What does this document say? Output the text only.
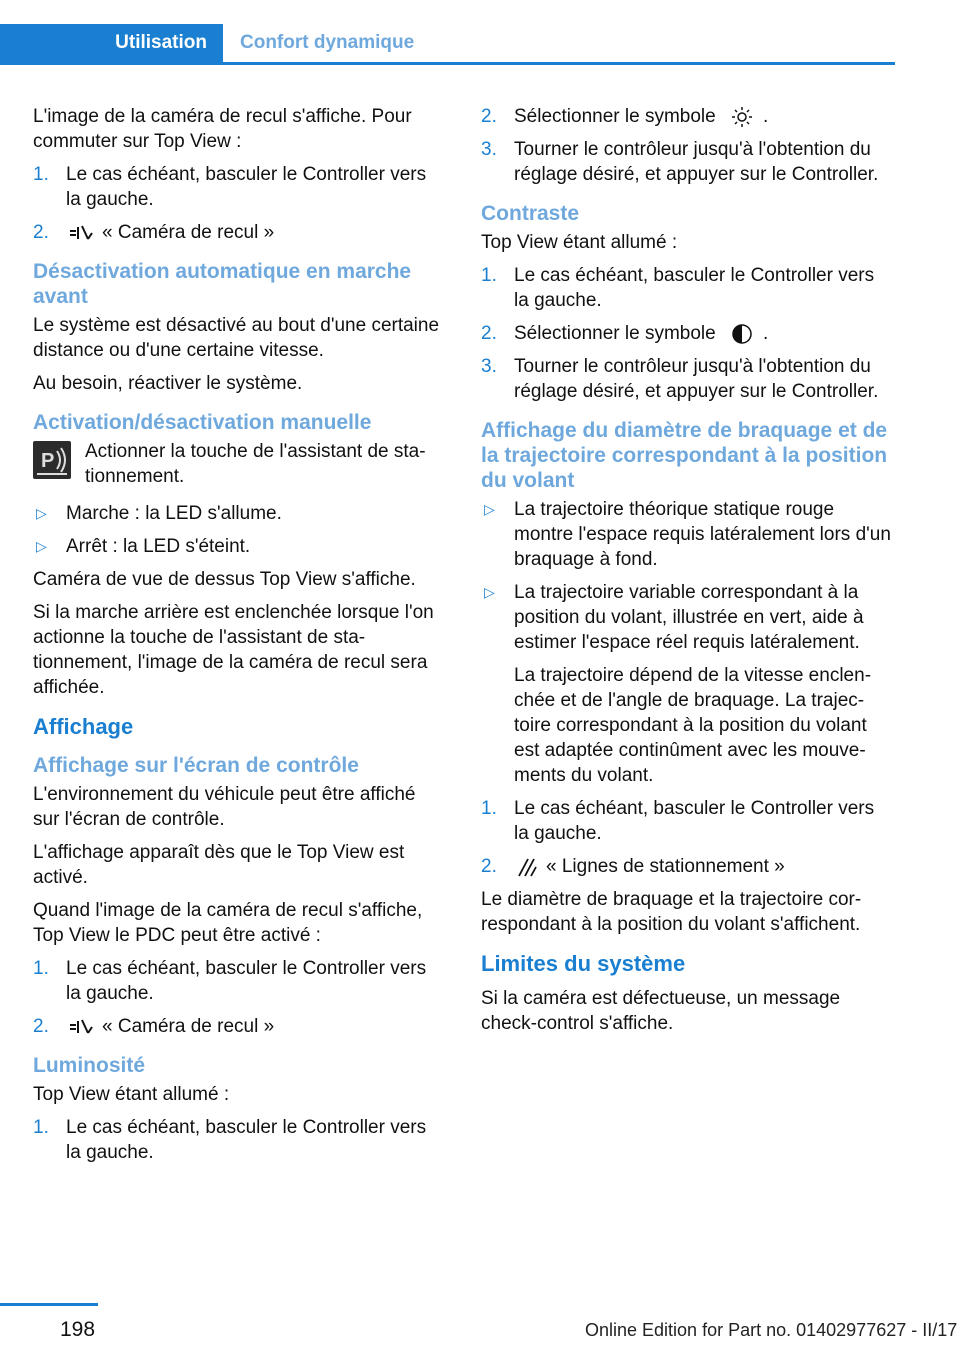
Utilisation	Confort dynamique

L'image de la caméra de recul s'affiche. Pour commuter sur Top View :

1. Le cas échéant, basculer le Controller vers la gauche.
2.	« Caméra de recul »
Désactivation automatique en marche avant

Le système est désactivé au bout d'une certaine distance ou d'une certaine vitesse.

Au besoin, réactiver le système.

Activation/désactivation manuelle
P Actionner la touche de l'assistant de stationnement.
▷ Marche : la LED s'allume.
▷ Arrêt : la LED s'éteint.

Caméra de vue de dessus Top View s'affiche.

Si la marche arrière est enclenchée lorsque l'on actionne la touche de l'assistant de stationnement, l'image de la caméra de recul sera affichée.

Affichage
Affichage sur l'écran de contrôle

L'environnement du véhicule peut être affiché sur l'écran de contrôle.

L'affichage apparaît dès que le Top View est activé.

Quand l'image de la caméra de recul s'affiche, Top View le PDC peut être activé :

1. Le cas échéant, basculer le Controller vers la gauche.
2.	« Caméra de recul »
Luminosité

Top View étant allumé :

1. Le cas échéant, basculer le Controller vers la gauche.
2. Sélectionner le symbole .
3. Tourner le contrôleur jusqu'à l'obtention du réglage désiré, et appuyer sur le Controller.
Contraste

Top View étant allumé :

1. Le cas échéant, basculer le Controller vers la gauche.
2. Sélectionner le symbole .
3. Tourner le contrôleur jusqu'à l'obtention du réglage désiré, et appuyer sur le Controller.
Affichage du diamètre de braquage et de la trajectoire correspondant à la position du volant
▷ La trajectoire théorique statique rouge montre l'espace requis latéralement lors d'un braquage à fond.
▷ La trajectoire variable correspondant à la position du volant, illustrée en vert, aide à estimer l'espace réel requis latéralement.
La trajectoire dépend de la vitesse enclenchée et de l'angle de braquage. La trajectoire correspondant à la position du volant est adaptée continûment avec les mouvements du volant.
1. Le cas échéant, basculer le Controller vers la gauche.
2.	« Lignes de stationnement »

Le diamètre de braquage et la trajectoire correspondant à la position du volant s'affichent.

Limites du système

Si la caméra est défectueuse, un message check-control s'affiche.

198	Online Edition for Part no. 01402977627 - II/17
